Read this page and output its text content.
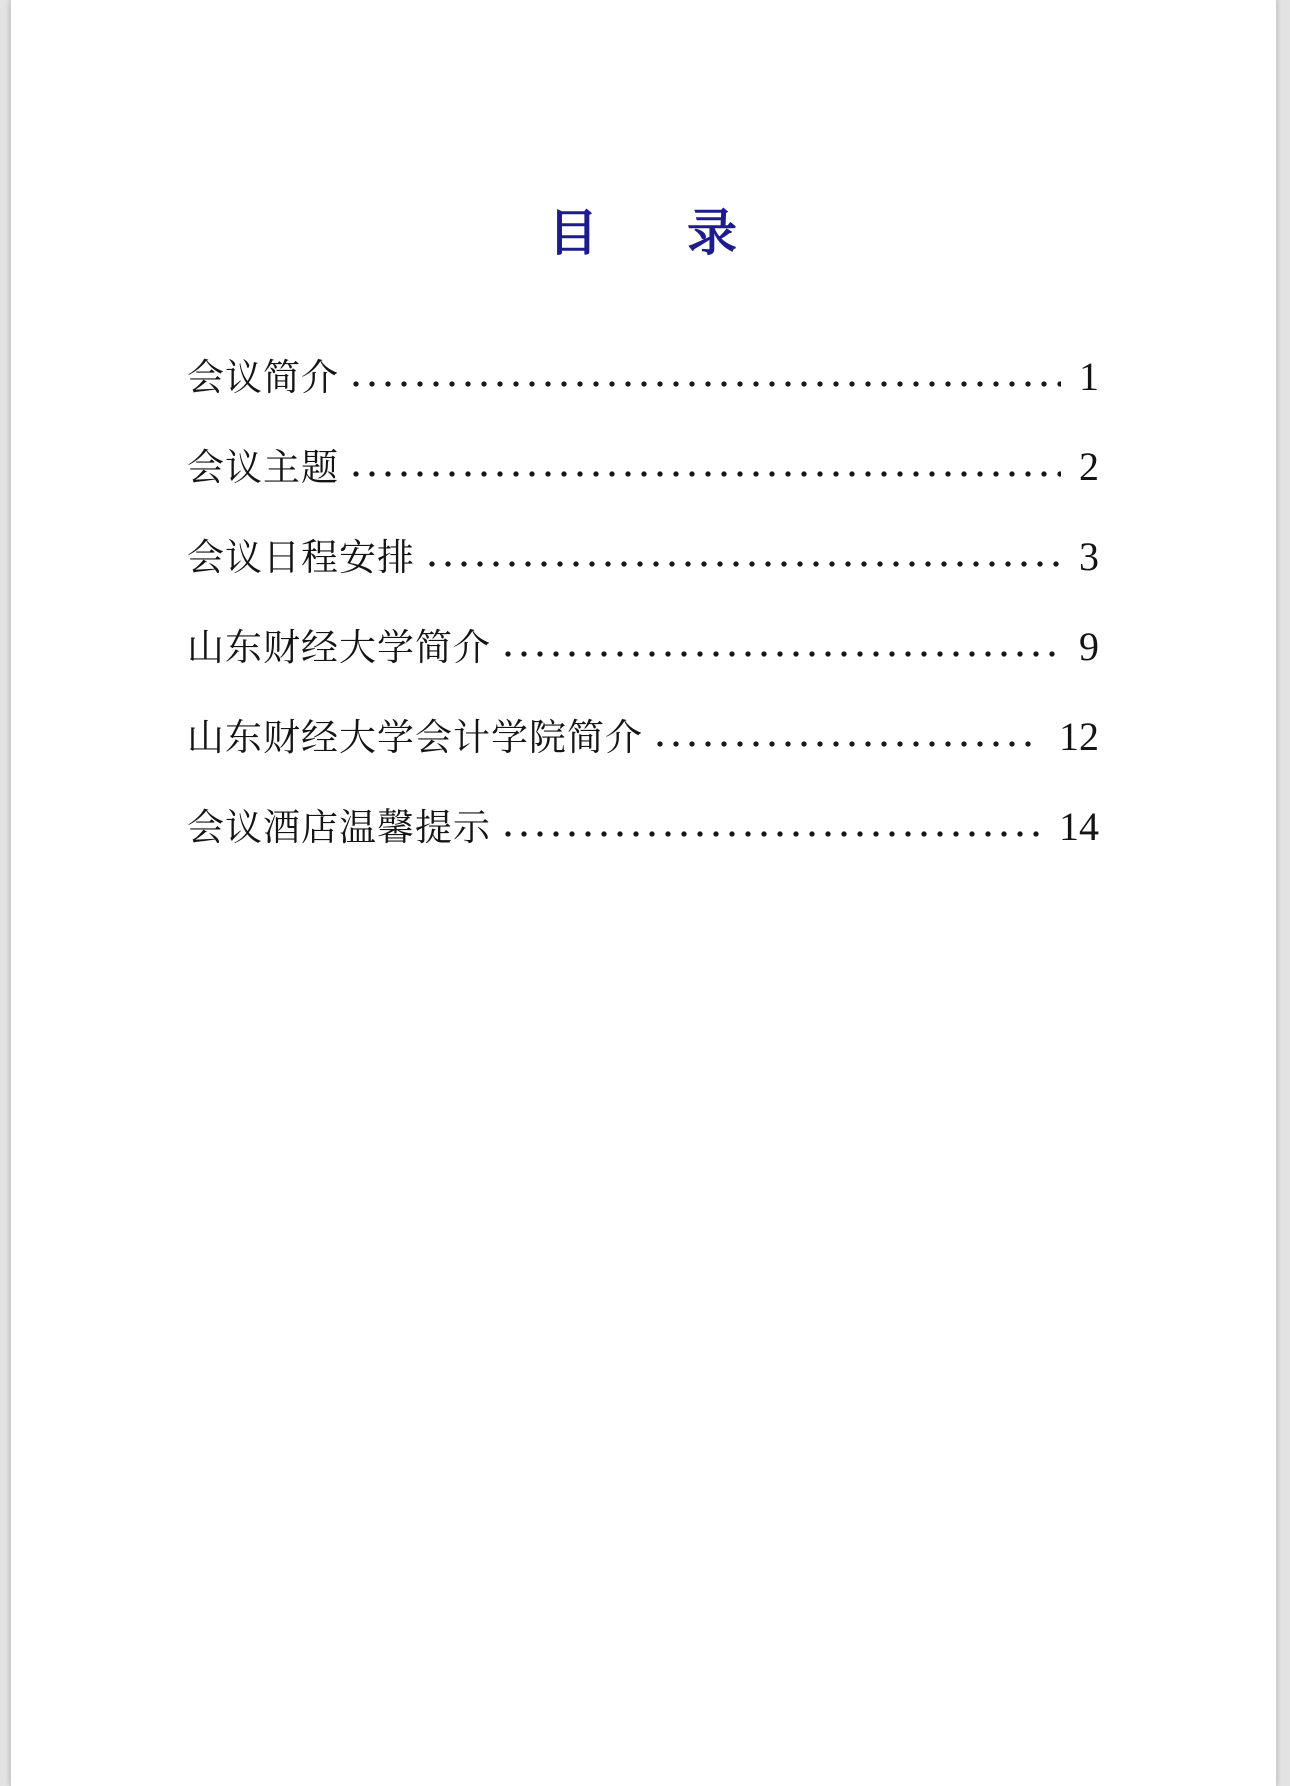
目      录
会议简介	1
会议主题	2
会议日程安排	3
山东财经大学简介	9
山东财经大学会计学院简介	12
会议酒店温馨提示	14
